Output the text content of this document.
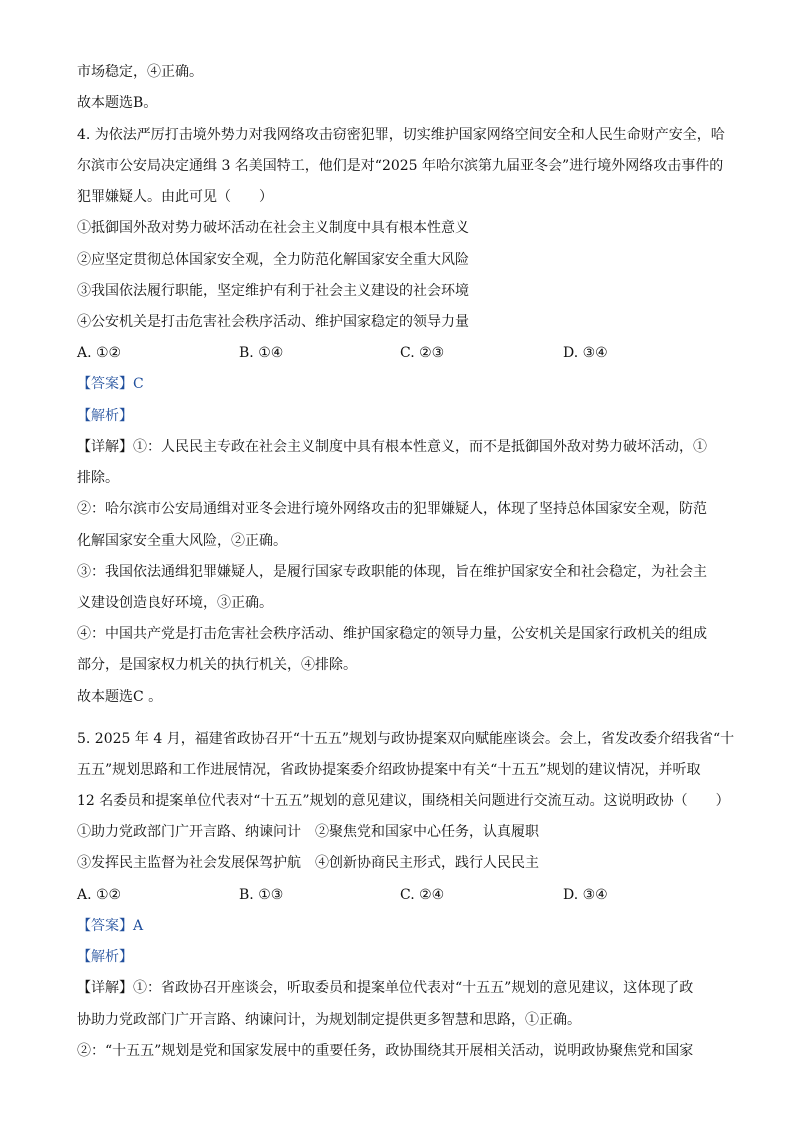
市场稳定，④正确。
故本题选B。
4. 为依法严厉打击境外势力对我网络攻击窃密犯罪，切实维护国家网络空间安全和人民生命财产安全，哈
尔滨市公安局决定通缉 3 名美国特工，他们是对“2025 年哈尔滨第九届亚冬会”进行境外网络攻击事件的
犯罪嫌疑人。由此可见（　　）
①抵御国外敌对势力破坏活动在社会主义制度中具有根本性意义
②应坚定贯彻总体国家安全观，全力防范化解国家安全重大风险
③我国依法履行职能，坚定维护有利于社会主义建设的社会环境
④公安机关是打击危害社会秩序活动、维护国家稳定的领导力量
A. ①②	B. ①④	C. ②③	D. ③④
【答案】C
【解析】
【详解】①：人民民主专政在社会主义制度中具有根本性意义，而不是抵御国外敌对势力破坏活动，①
排除。
②：哈尔滨市公安局通缉对亚冬会进行境外网络攻击的犯罪嫌疑人，体现了坚持总体国家安全观，防范
化解国家安全重大风险，②正确。
③：我国依法通缉犯罪嫌疑人，是履行国家专政职能的体现，旨在维护国家安全和社会稳定，为社会主
义建设创造良好环境，③正确。
④：中国共产党是打击危害社会秩序活动、维护国家稳定的领导力量，公安机关是国家行政机关的组成
部分，是国家权力机关的执行机关，④排除。
故本题选C 。
5. 2025 年 4 月，福建省政协召开“十五五”规划与政协提案双向赋能座谈会。会上，省发改委介绍我省“十
五五”规划思路和工作进展情况，省政协提案委介绍政协提案中有关“十五五”规划的建议情况，并听取
12 名委员和提案单位代表对“十五五”规划的意见建议，围绕相关问题进行交流互动。这说明政协（　　）
①助力党政部门广开言路、纳谏问计　②聚焦党和国家中心任务，认真履职
③发挥民主监督为社会发展保驾护航　④创新协商民主形式，践行人民民主
A. ①②	B. ①③	C. ②④	D. ③④
【答案】A
【解析】
【详解】①：省政协召开座谈会，听取委员和提案单位代表对“十五五”规划的意见建议，这体现了政
协助力党政部门广开言路、纳谏问计，为规划制定提供更多智慧和思路，①正确。
②：“十五五”规划是党和国家发展中的重要任务，政协围绕其开展相关活动，说明政协聚焦党和国家
